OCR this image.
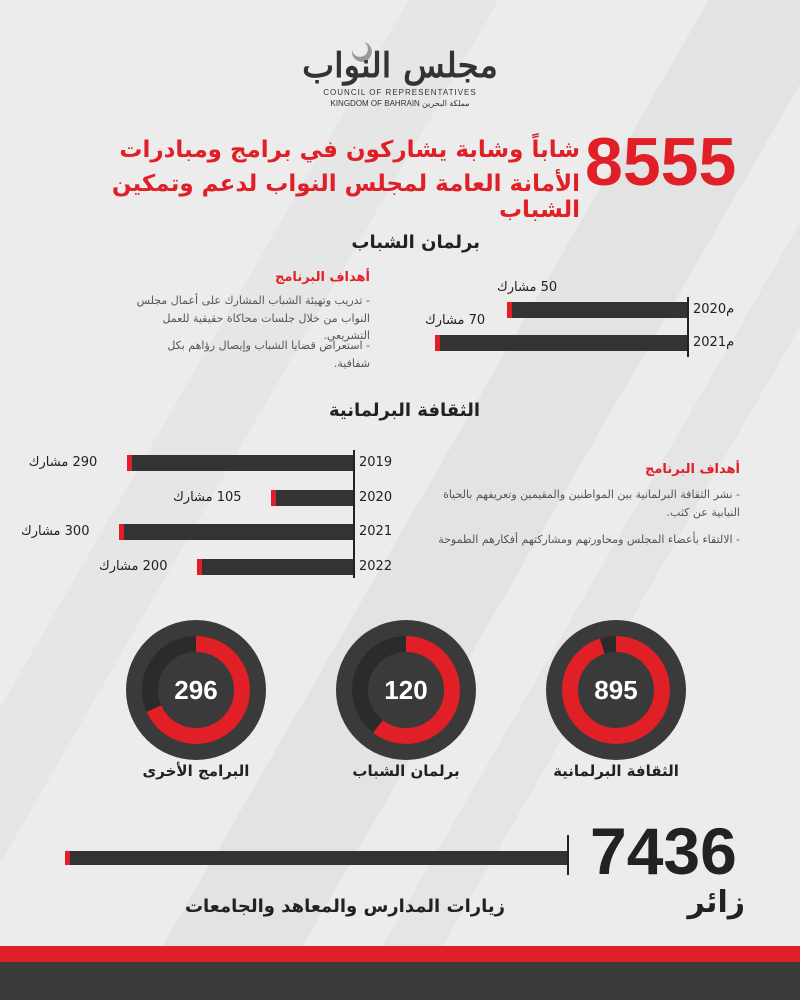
مجلس النواب
COUNCIL OF REPRESENTATIVES
KINGDOM OF BAHRAIN مملكة البحرين
8555
شاباً وشابة يشاركون في برامج ومبادرات
الأمانة العامة لمجلس النواب لدعم وتمكين الشباب
برلمان الشباب
أهداف البرنامج
- تدريب وتهيئة الشباب المشارك على أعمال مجلس النواب من خلال جلسات محاكاة حقيقية للعمل التشريعي.
- استعراض قضايا الشباب وإيصال رؤاهم بكل شفافية.
2020م
50 مشارك
2021م
70 مشارك
الثقافة البرلمانية
أهداف البرنامج
- نشر الثقافة البرلمانية بين المواطنين والمقيمين وتعريفهم بالحياة النيابية عن كثب.
- الالتقاء بأعضاء المجلس ومحاورتهم ومشاركتهم أفكارهم الطموحة
2019
290 مشارك
2020
105 مشارك
2021
300 مشارك
2022
200 مشارك
895
الثقافة البرلمانية
120
برلمان الشباب
296
البرامج الأخرى
7436
زائر
زيارات المدارس والمعاهد والجامعات
